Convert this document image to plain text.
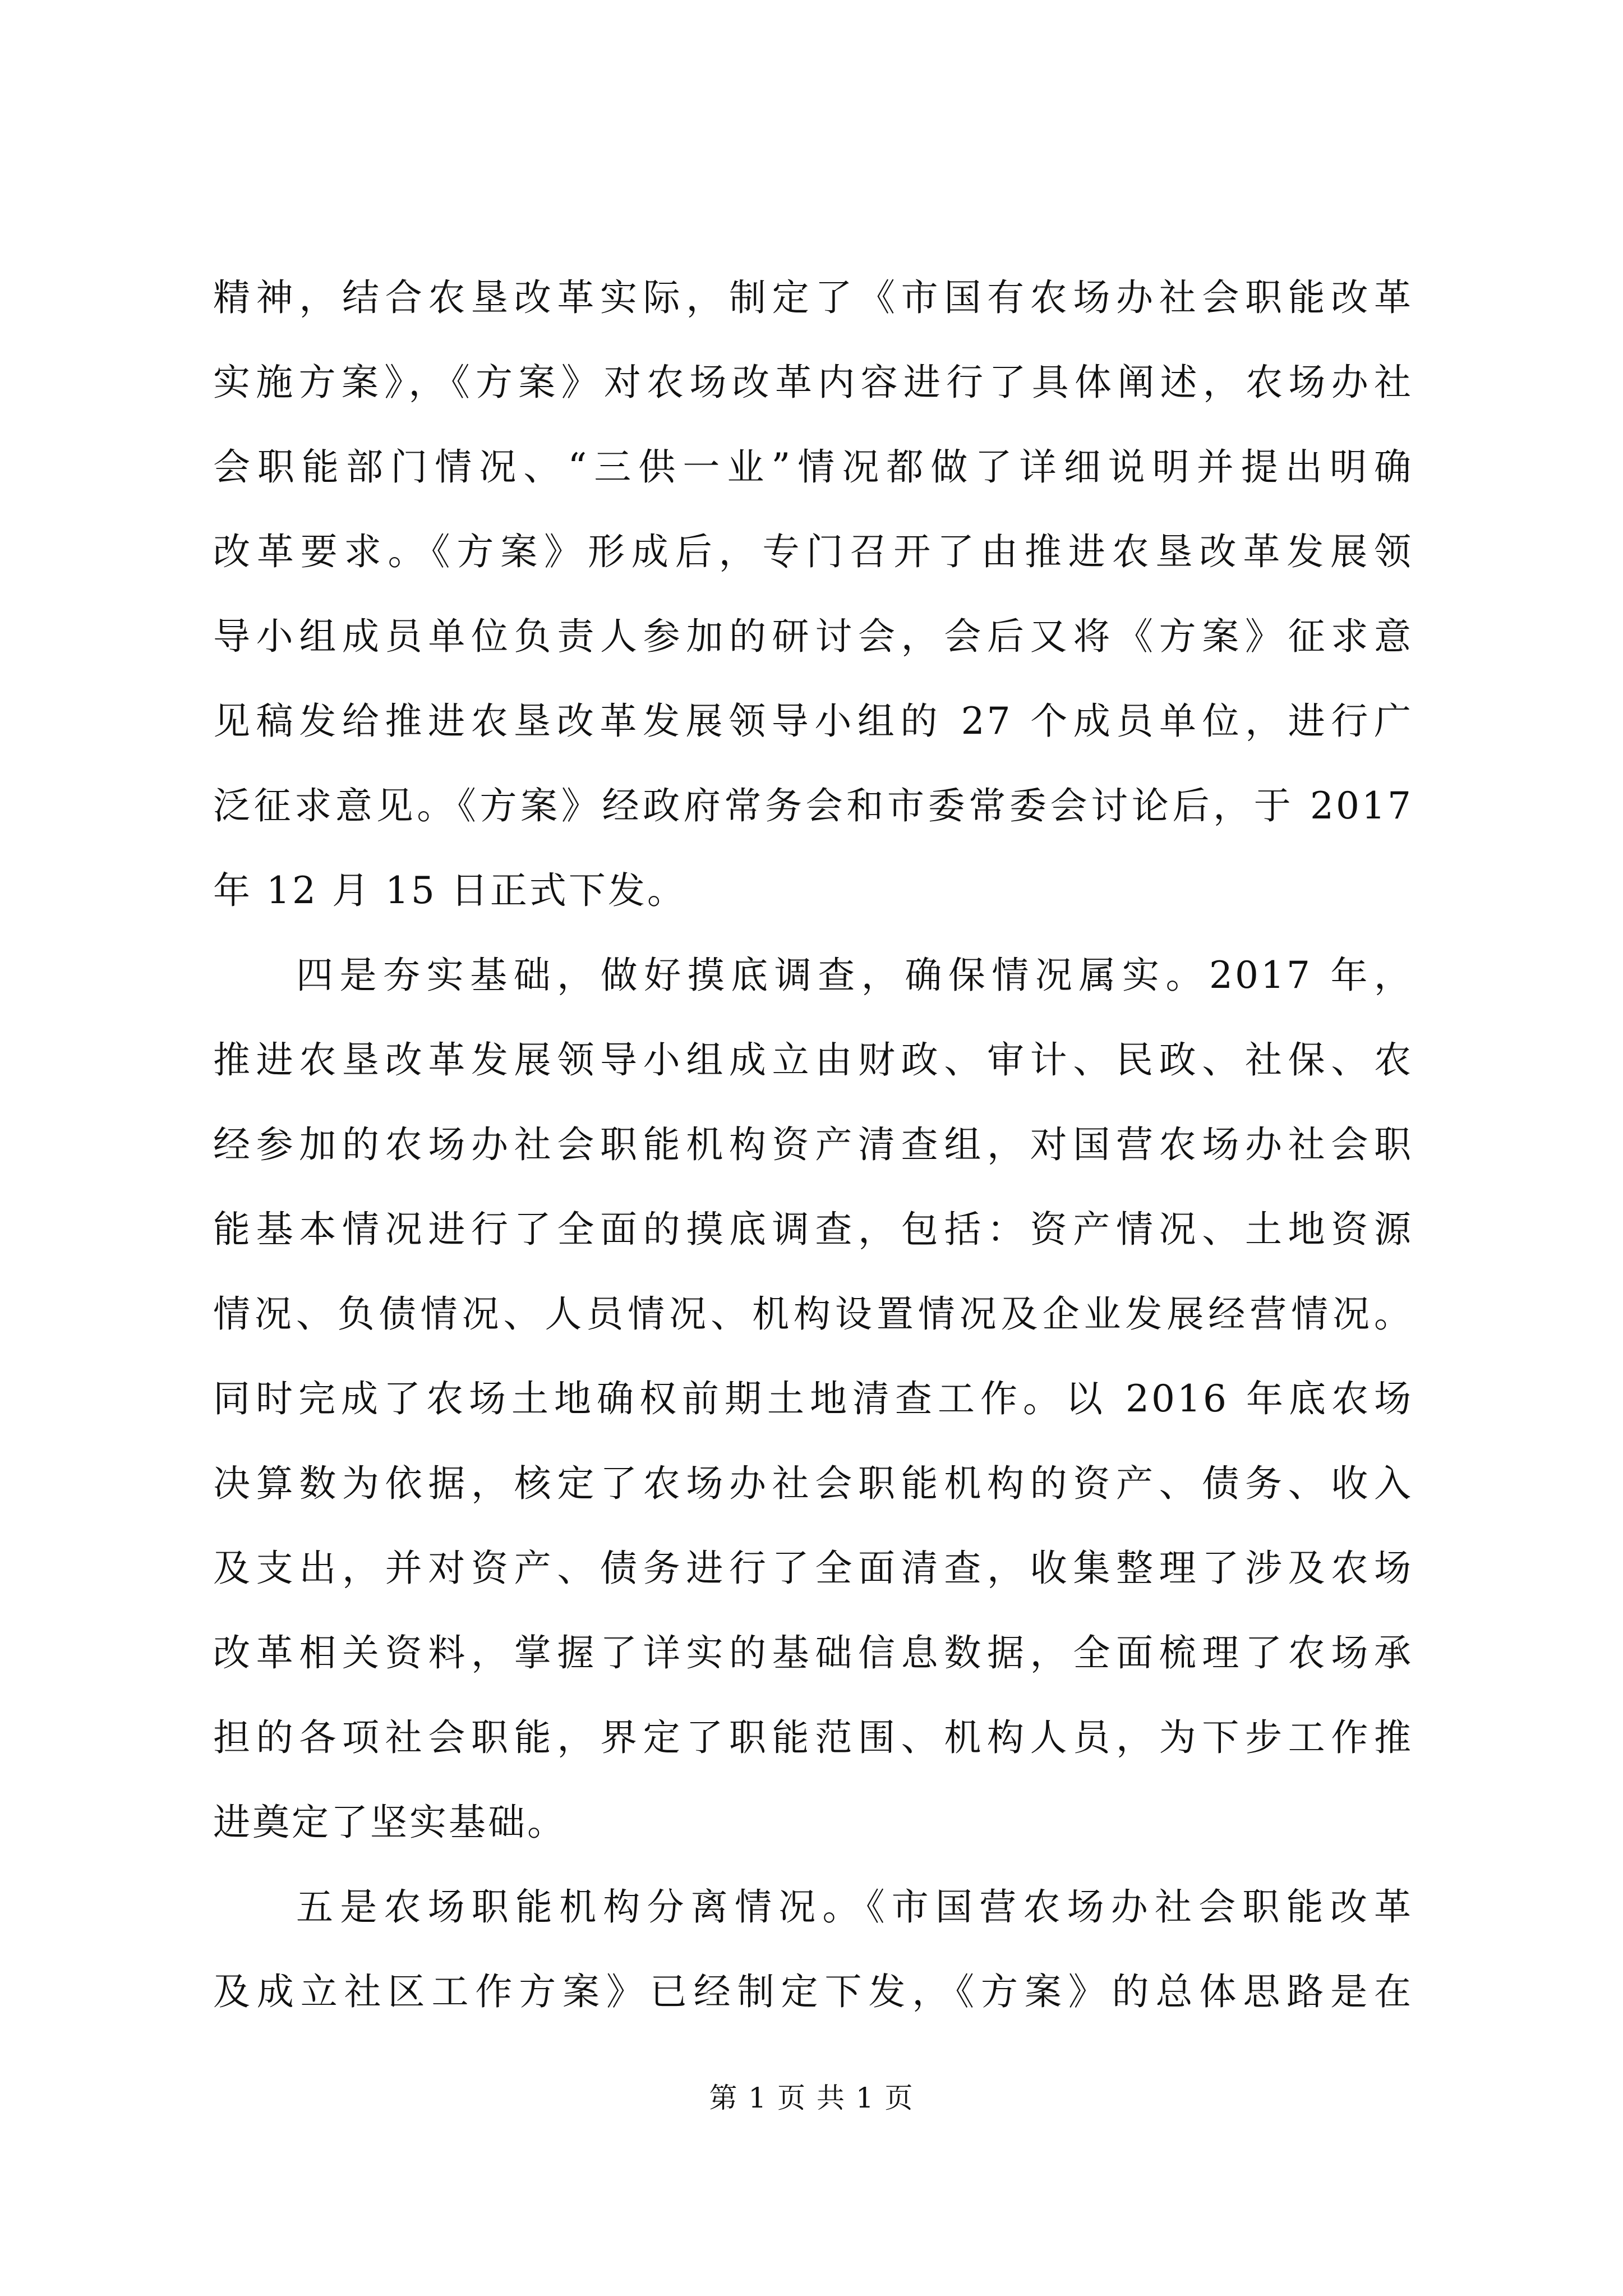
精神，结合农垦改革实际，制定了《市国有农场办社会职能改革
实施方案》，《方案》对农场改革内容进行了具体阐述，农场办社
会职能部门情况、“三供一业”情况都做了详细说明并提出明确
改革要求。《方案》形成后，专门召开了由推进农垦改革发展领
导小组成员单位负责人参加的研讨会，会后又将《方案》征求意
见稿发给推进农垦改革发展领导小组的 27 个成员单位，进行广
泛征求意见。《方案》经政府常务会和市委常委会讨论后，于 2017
年 12 月 15 日正式下发。
四是夯实基础，做好摸底调查，确保情况属实。2017 年，
推进农垦改革发展领导小组成立由财政、审计、民政、社保、农
经参加的农场办社会职能机构资产清查组，对国营农场办社会职
能基本情况进行了全面的摸底调查，包括：资产情况、土地资源
情况、负债情况、人员情况、机构设置情况及企业发展经营情况。
同时完成了农场土地确权前期土地清查工作。以 2016 年底农场
决算数为依据，核定了农场办社会职能机构的资产、债务、收入
及支出，并对资产、债务进行了全面清查，收集整理了涉及农场
改革相关资料，掌握了详实的基础信息数据，全面梳理了农场承
担的各项社会职能，界定了职能范围、机构人员，为下步工作推
进奠定了坚实基础。
五是农场职能机构分离情况。《市国营农场办社会职能改革
及成立社区工作方案》已经制定下发，《方案》的总体思路是在
第 1 页 共 1 页
